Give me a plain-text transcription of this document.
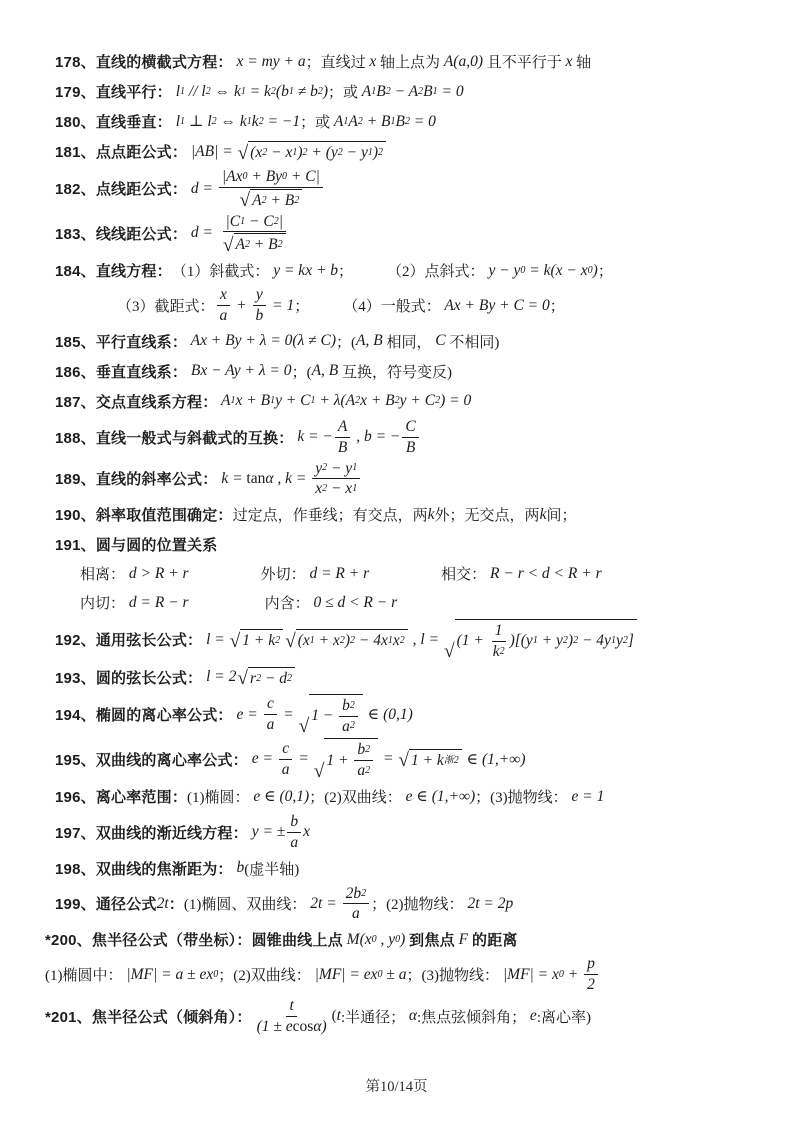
178、直线的横截式方程： x = my + a ；直线过 x 轴上点为 A(a,0) 且不平行于 x 轴
179、直线平行： l 1 // l 2 ⇔ k 1 = k 2 (b 1 ≠ b 2 ) ；或 A 1 B 2 − A 2 B 1 = 0
180、直线垂直： l 1 ⊥ l 2 ⇔ k 1 k 2 = −1 ；或 A 1 A 2 + B 1 B 2 = 0
181、点点距公式： |AB| = √ (x 2 − x 1 ) 2 + (y 2 − y 1 ) 2
182、点线距公式： $d = \frac{|Ax 0 + By 0 + C|}{√ A 2 + B 2}$
183、线线距公式： $d = \frac{|C 1 - C 2 |}{√ A 2 + B 2}$
184、直线方程： （1）斜截式： y = kx + b ； （2）点斜式： y − y 0 = k(x − x 0 ) ；
（3）截距式： $\frac{x}{a} + \frac{y}{b} = 1$ ； （4）一般式： Ax + By + C = 0 ；
185、平行直线系： Ax + By + λ = 0(λ ≠ C) ；( A, B 相同， C 不相同)
186、垂直直线系： Bx − Ay + λ = 0 ；( A, B 互换，符号变反)
187、交点直线系方程： A 1 x + B 1 y + C 1 + λ(A 2 x + B 2 y + C 2 ) = 0
188、直线一般式与斜截式的互换： k = − $\frac{A}{B}$ , b = − $\frac{C}{B}$
189、直线的斜率公式： k = tan α , $k = \frac{y 2 - y 1}{x 2 - x 1}$
190、斜率取值范围确定： 过定点，作垂线；有交点，两 k 外；无交点，两 k 间；
191、圆与圆的位置关系
相离： d > R + r	外切： d = R + r	相交： R − r < d < R + r
内切： d = R − r	内含： 0 ≤ d < R − r
192、通用弦长公式： l = √ 1 + k 2 √ (x 1 + x 2 ) 2 − 4x 1 x 2 , l =
√
$(1 + \frac{1}{k 2} )[(y$ 1 + y 2 ) 2 − 4y 1 y 2 ]
193、圆的弦长公式： l = 2 √ r 2 − d 2
194、椭圆的离心率公式： $e = \frac{c}{a}$ =
√
$1 - \frac{b 2}{a 2}$ ∈ (0,1)
195、双曲线的离心率公式： $e = \frac{c}{a}$ =
√
$1 + \frac{b 2}{a 2}$ = √ 1 + k 渐 2 ∈ (1,+∞)
196、离心率范围： (1)椭圆： e ∈ (0,1) ；(2)双曲线： e ∈ (1,+∞) ；(3)抛物线： e = 1
197、双曲线的渐近线方程： y = ± $\frac{b}{a}$ x
198、双曲线的焦渐距为： b (虚半轴)
199、通径公式 2t ： (1)椭圆、双曲线： $2t = \frac{2b 2}{a}$ ；(2)抛物线： 2t = 2p
*200、焦半径公式（带坐标）：圆锥曲线上点 M(x 0 , y 0 ) 到焦点 F 的距离
(1)椭圆中： |MF| = a ± ex 0 ；(2)双曲线： |MF| = ex 0 ± a ；(3)抛物线： |MF| = x $0 + \frac{p}{2}$
*201、焦半径公式（倾斜角）： $\frac{t}{\text{(1 ± e cos α)}}$ ( t :半通径； α :焦点弦倾斜角； e :离心率)
第10/14页
